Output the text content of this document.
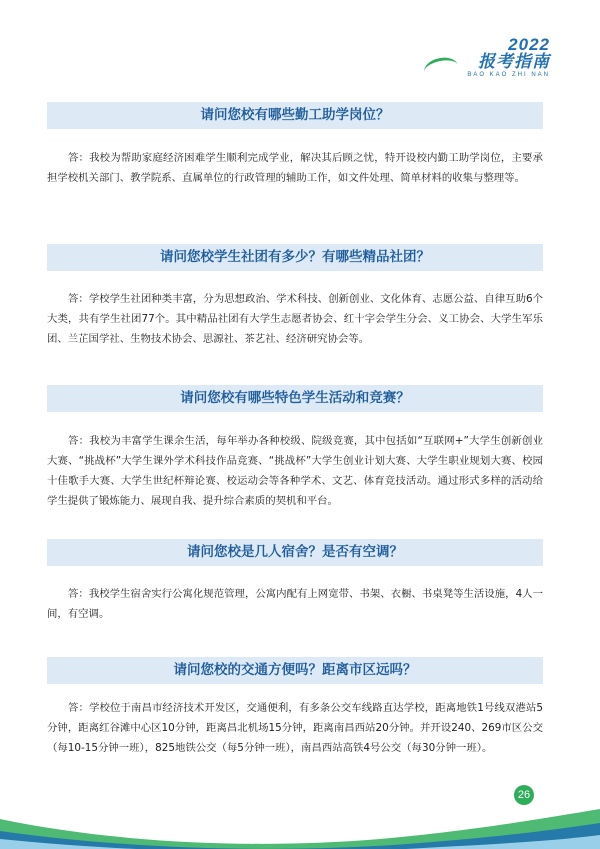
2022
报考指南
BAO KAO ZHI NAN
请问您校有哪些勤工助学岗位？

答：我校为帮助家庭经济困难学生顺利完成学业，解决其后顾之忧，特开设校内勤工助学岗位，主要承担学校机关部门、教学院系、直属单位的行政管理的辅助工作，如文件处理、简单材料的收集与整理等。

请问您校学生社团有多少？有哪些精品社团？

答：学校学生社团种类丰富，分为思想政治、学术科技、创新创业、文化体育、志愿公益、自律互助6个大类，共有学生社团77个。其中精品社团有大学生志愿者协会、红十字会学生分会、义工协会、大学生军乐团、兰芷国学社、生物技术协会、思源社、茶艺社、经济研究协会等。

请问您校有哪些特色学生活动和竞赛？

答：我校为丰富学生课余生活，每年举办各种校级、院级竞赛，其中包括如“互联网+”大学生创新创业大赛、“挑战杯”大学生课外学术科技作品竞赛、“挑战杯”大学生创业计划大赛、大学生职业规划大赛、校园十佳歌手大赛、大学生世纪杯辩论赛、校运动会等各种学术、文艺、体育竞技活动。通过形式多样的活动给学生提供了锻炼能力、展现自我、提升综合素质的契机和平台。

请问您校是几人宿舍？是否有空调？

答：我校学生宿舍实行公寓化规范管理，公寓内配有上网宽带、书架、衣橱、书桌凳等生活设施，4人一间，有空调。

请问您校的交通方便吗？距离市区远吗？

答：学校位于南昌市经济技术开发区，交通便利，有多条公交车线路直达学校，距离地铁1号线双港站5分钟，距离红谷滩中心区10分钟，距离昌北机场15分钟，距离南昌西站20分钟。并开设240、269市区公交（每10-15分钟一班），825地铁公交（每5分钟一班），南昌西站高铁4号公交（每30分钟一班）。

26
